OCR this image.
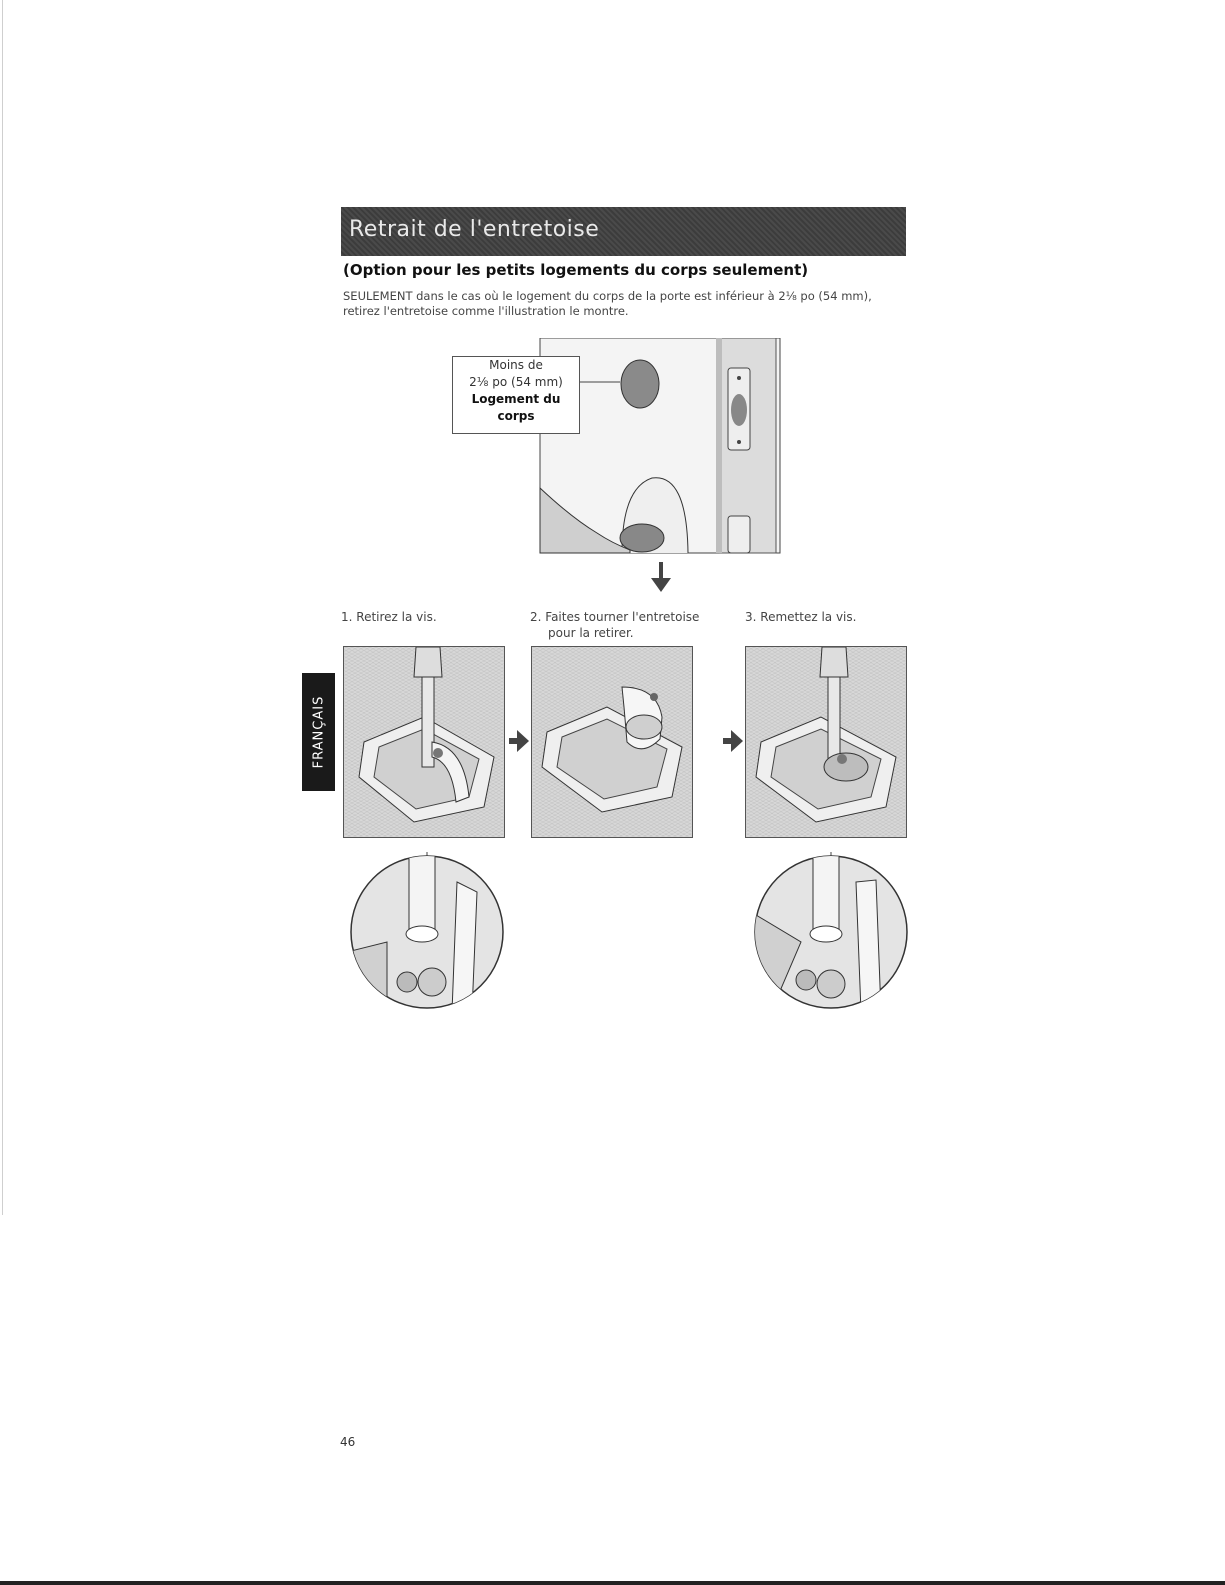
Retrait de l'entretoise
(Option pour les petits logements du corps seulement)
SEULEMENT dans le cas où le logement du corps de la porte est inférieur à 2⅛ po (54 mm), retirez l'entretoise comme l'illustration le montre.
FRANÇAIS
Moins de
2⅛ po (54 mm)
Logement du
corps
1. Retirez la vis.	2. Faites tourner l'entretoise
pour la retirer.
3. Remettez la vis.
46
